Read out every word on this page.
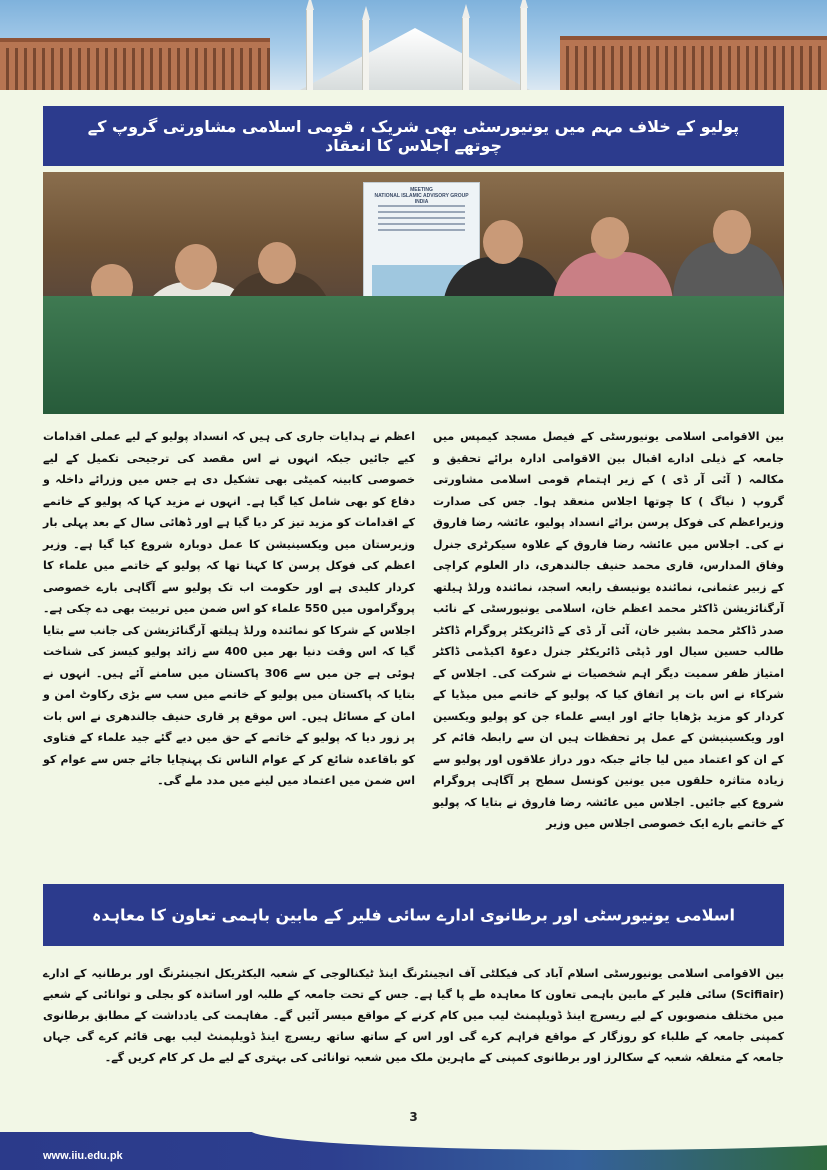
پولیو کے خلاف مہم میں یونیورسٹی بھی شریک ، قومی اسلامی مشاورتی گروپ کے چوتھے اجلاس کا انعقاد
MEETING
NATIONAL ISLAMIC ADVISORY GROUP
INDIA

بین الاقوامی اسلامی یونیورسٹی کے فیصل مسجد کیمپس میں جامعہ کے ذیلی ادارے اقبال بین الاقوامی ادارہ برائے تحقیق و مکالمہ ( آئی آر ڈی ) کے زیر اہتمام قومی اسلامی مشاورتی گروپ ( نیاگ ) کا چوتھا اجلاس منعقد ہوا۔ جس کی صدارت وزیراعظم کی فوکل پرسن برائے انسداد پولیو، عائشہ رضا فاروق نے کی۔ اجلاس میں عائشہ رضا فاروق کے علاوہ سیکرٹری جنرل وفاق المدارس، قاری محمد حنیف جالندھری، دار العلوم کراچی کے زبیر عثمانی، نمائندہ یونیسف رابعہ اسجد، نمائندہ ورلڈ ہیلتھ آرگنائزیشن ڈاکٹر محمد اعظم خان، اسلامی یونیورسٹی کے نائب صدر ڈاکٹر محمد بشیر خان، آئی آر ڈی کے ڈائریکٹر پروگرام ڈاکٹر طالب حسین سیال اور ڈپٹی ڈائریکٹر جنرل دعوۃ اکیڈمی ڈاکٹر امتیاز ظفر سمیت دیگر اہم شخصیات نے شرکت کی۔ اجلاس کے شرکاء نے اس بات پر اتفاق کیا کہ پولیو کے خاتمے میں میڈیا کے کردار کو مزید بڑھایا جائے اور ایسے علماء جن کو پولیو ویکسین اور ویکسینیشن کے عمل پر تحفظات ہیں ان سے رابطہ قائم کر کے ان کو اعتماد میں لیا جائے جبکہ دور دراز علاقوں اور پولیو سے زیادہ متاثرہ حلقوں میں یونین کونسل سطح پر آگاہی پروگرام شروع کیے جائیں۔ اجلاس میں عائشہ رضا فاروق نے بتایا کہ پولیو کے خاتمے بارے ایک خصوصی اجلاس میں وزیر

اعظم نے ہدایات جاری کی ہیں کہ انسداد پولیو کے لیے عملی اقدامات کیے جائیں جبکہ انہوں نے اس مقصد کی ترجیحی تکمیل کے لیے خصوصی کابینہ کمیٹی بھی تشکیل دی ہے جس میں وزرائے داخلہ و دفاع کو بھی شامل کیا گیا ہے۔ انہوں نے مزید کہا کہ پولیو کے خاتمے کے اقدامات کو مزید تیز کر دیا گیا ہے اور ڈھائی سال کے بعد پہلی بار وزیرستان میں ویکسینیشن کا عمل دوبارہ شروع کیا گیا ہے۔ وزیر اعظم کی فوکل پرسن کا کہنا تھا کہ پولیو کے خاتمے میں علماء کا کردار کلیدی ہے اور حکومت اب تک پولیو سے آگاہی بارے خصوصی پروگراموں میں 550 علماء کو اس ضمن میں تربیت بھی دے چکی ہے۔ اجلاس کے شرکا کو نمائندہ ورلڈ ہیلتھ آرگنائزیشن کی جانب سے بتایا گیا کہ اس وقت دنیا بھر میں 400 سے زائد پولیو کیسز کی شناخت ہوئی ہے جن میں سے 306 پاکستان میں سامنے آئے ہیں۔ انہوں نے بتایا کہ پاکستان میں پولیو کے خاتمے میں سب سے بڑی رکاوٹ امن و امان کے مسائل ہیں۔ اس موقع پر قاری حنیف جالندھری نے اس بات پر زور دیا کہ پولیو کے خاتمے کے حق میں دیے گئے جید علماء کے فتاوی کو باقاعدہ شائع کر کے عوام الناس تک پہنچایا جائے جس سے عوام کو اس ضمن میں اعتماد میں لینے میں مدد ملے گی۔

اسلامی یونیورسٹی اور برطانوی ادارے سائی فلیر کے مابین باہمی تعاون کا معاہدہ

بین الاقوامی اسلامی یونیورسٹی اسلام آباد کی فیکلٹی آف انجینئرنگ اینڈ ٹیکنالوجی کے شعبہ الیکٹریکل انجینئرنگ اور برطانیہ کے ادارے (Scifiair) سائی فلیر کے مابین باہمی تعاون کا معاہدہ طے پا گیا ہے۔ جس کے تحت جامعہ کے طلبہ اور اساتذہ کو بجلی و توانائی کے شعبے میں مختلف منصوبوں کے لیے ریسرچ اینڈ ڈویلپمنٹ لیب میں کام کرنے کے مواقع میسر آئیں گے۔ مفاہمت کی یادداشت کے مطابق برطانوی کمپنی جامعہ کے طلباء کو روزگار کے مواقع فراہم کرے گی اور اس کے ساتھ ساتھ ریسرچ اینڈ ڈویلپمنٹ لیب بھی قائم کرے گی جہاں جامعہ کے متعلقہ شعبہ کے سکالرز اور برطانوی کمپنی کے ماہرین ملک میں شعبہ توانائی کی بہتری کے لیے مل کر کام کریں گے۔

3
www.iiu.edu.pk
